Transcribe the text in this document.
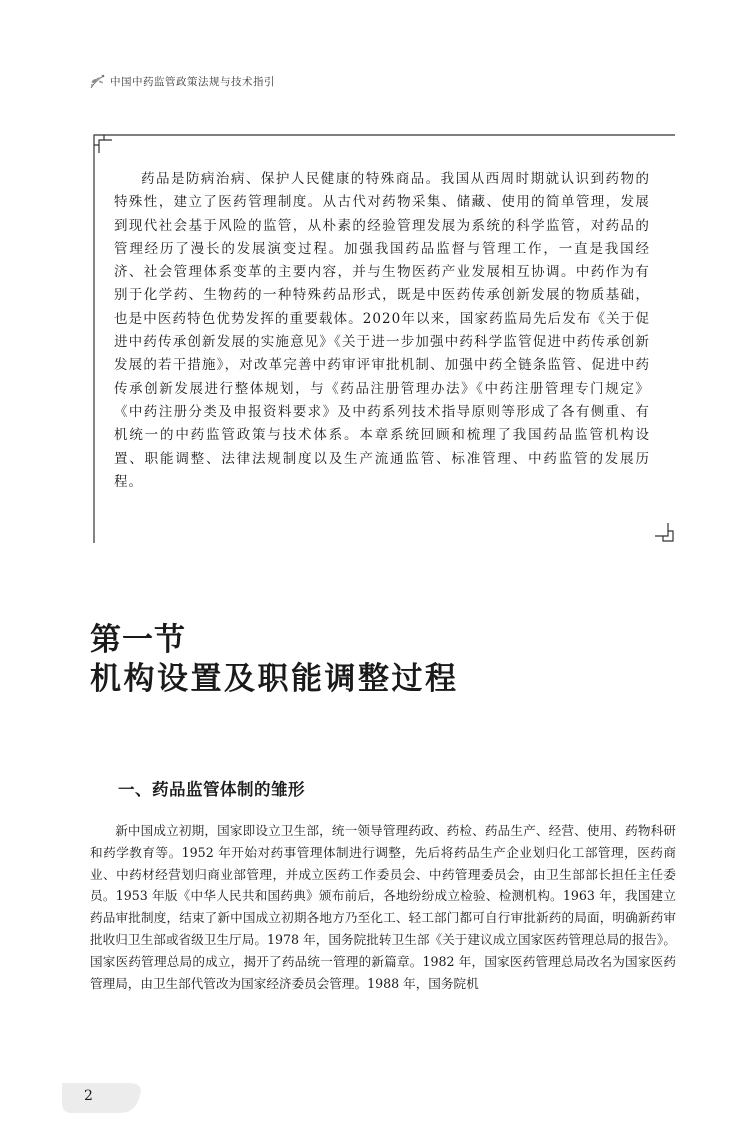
中国中药监管政策法规与技术指引

药品是防病治病、保护人民健康的特殊商品。我国从西周时期就认识到药物的特殊性，建立了医药管理制度。从古代对药物采集、储藏、使用的简单管理，发展到现代社会基于风险的监管，从朴素的经验管理发展为系统的科学监管，对药品的管理经历了漫长的发展演变过程。加强我国药品监督与管理工作，一直是我国经济、社会管理体系变革的主要内容，并与生物医药产业发展相互协调。中药作为有别于化学药、生物药的一种特殊药品形式，既是中医药传承创新发展的物质基础，也是中医药特色优势发挥的重要载体。2020年以来，国家药监局先后发布《关于促进中药传承创新发展的实施意见》《关于进一步加强中药科学监管促进中药传承创新发展的若干措施》，对改革完善中药审评审批机制、加强中药全链条监管、促进中药传承创新发展进行整体规划，与《药品注册管理办法》《中药注册管理专门规定》《中药注册分类及申报资料要求》及中药系列技术指导原则等形成了各有侧重、有机统一的中药监管政策与技术体系。本章系统回顾和梳理了我国药品监管机构设置、职能调整、法律法规制度以及生产流通监管、标准管理、中药监管的发展历程。

第一节
机构设置及职能调整过程
一、药品监管体制的雏形

新中国成立初期，国家即设立卫生部，统一领导管理药政、药检、药品生产、经营、使用、药物科研和药学教育等。1952 年开始对药事管理体制进行调整，先后将药品生产企业划归化工部管理，医药商业、中药材经营划归商业部管理，并成立医药工作委员会、中药管理委员会，由卫生部部长担任主任委员。1953 年版《中华人民共和国药典》颁布前后，各地纷纷成立检验、检测机构。1963 年，我国建立药品审批制度，结束了新中国成立初期各地方乃至化工、轻工部门都可自行审批新药的局面，明确新药审批收归卫生部或省级卫生厅局。1978 年，国务院批转卫生部《关于建议成立国家医药管理总局的报告》。国家医药管理总局的成立，揭开了药品统一管理的新篇章。1982 年，国家医药管理总局改名为国家医药管理局，由卫生部代管改为国家经济委员会管理。1988 年，国务院机

2
